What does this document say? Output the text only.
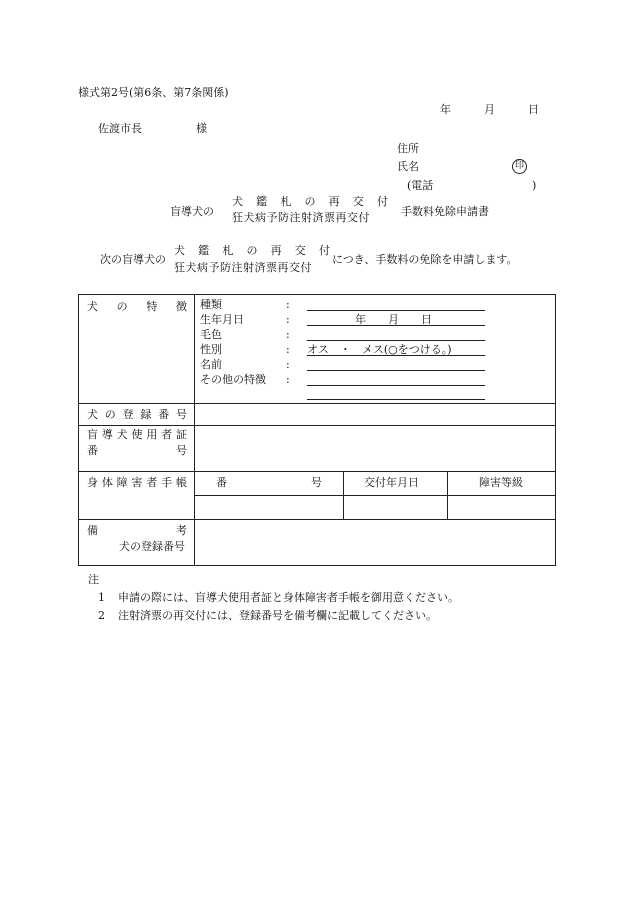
様式第2号(第6条、第7条関係)
年	月	日
佐渡市長	様
住所
氏名	印
(電話	)
盲導犬の
犬 鑑 札 の 再 交 付
狂犬病予防注射済票再交付	手数料免除申請書
次の盲導犬の
犬 鑑 札 の 再 交 付
狂犬病予防注射済票再交付
につき、手数料の免除を申請します。
犬 の 特 徴 種類	:
生年月日	:	年　　月　　日
毛色	:
性別	: オス　・　メス(○をつける。)
名前	:
その他の特徴 :
犬 の 登 録 番 号
盲 導 犬 使 用 者 証
番	号
身 体 障 害 者 手 帳	番	号	交付年月日	障害等級
備	考
犬の登録番号
注
1 申請の際には、盲導犬使用者証と身体障害者手帳を御用意ください。
2 注射済票の再交付には、登録番号を備考欄に記載してください。
